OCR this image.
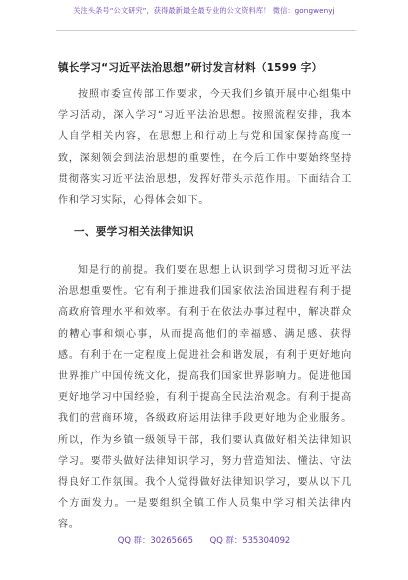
关注头条号“公文研究”，获得最新最全最专业的公文资料库！ 微信：gongwenyj
镇长学习“习近平法治思想”研讨发言材料（1599 字）
按照市委宣传部工作要求，今天我们乡镇开展中心组集中学习活动，深入学习“习近平法治思想。按照流程安排，我本人自学相关内容，在思想上和行动上与党和国家保持高度一致，深刻领会到法治思想的重要性，在今后工作中要始终坚持贯彻落实习近平法治思想，发挥好带头示范作用。下面结合工作和学习实际，心得体会如下。
一、要学习相关法律知识
知是行的前提。我们要在思想上认识到学习贯彻习近平法治思想重要性。它有利于推进我们国家依法治国进程有利于提高政府管理水平和效率。有利于在依法办事过程中，解决群众的糟心事和烦心事，从而提高他们的幸福感、满足感、获得感。有利于在一定程度上促进社会和谐发展，有利于更好地向世界推广中国传统文化，提高我们国家世界影响力。促进他国更好地学习中国经验，有利于提高全民法治观念。有利于提高我们的营商环境，各级政府运用法律手段更好地为企业服务。所以，作为乡镇一级领导干部，我们要认真做好相关法律知识学习。要带头做好法律知识学习，努力营造知法、懂法、守法得良好工作氛围。我个人觉得做好法律知识学习，要从以下几个方面发力。一是要组织全镇工作人员集中学习相关法律内容。
QQ 群：30265665 QQ 群：535304092
